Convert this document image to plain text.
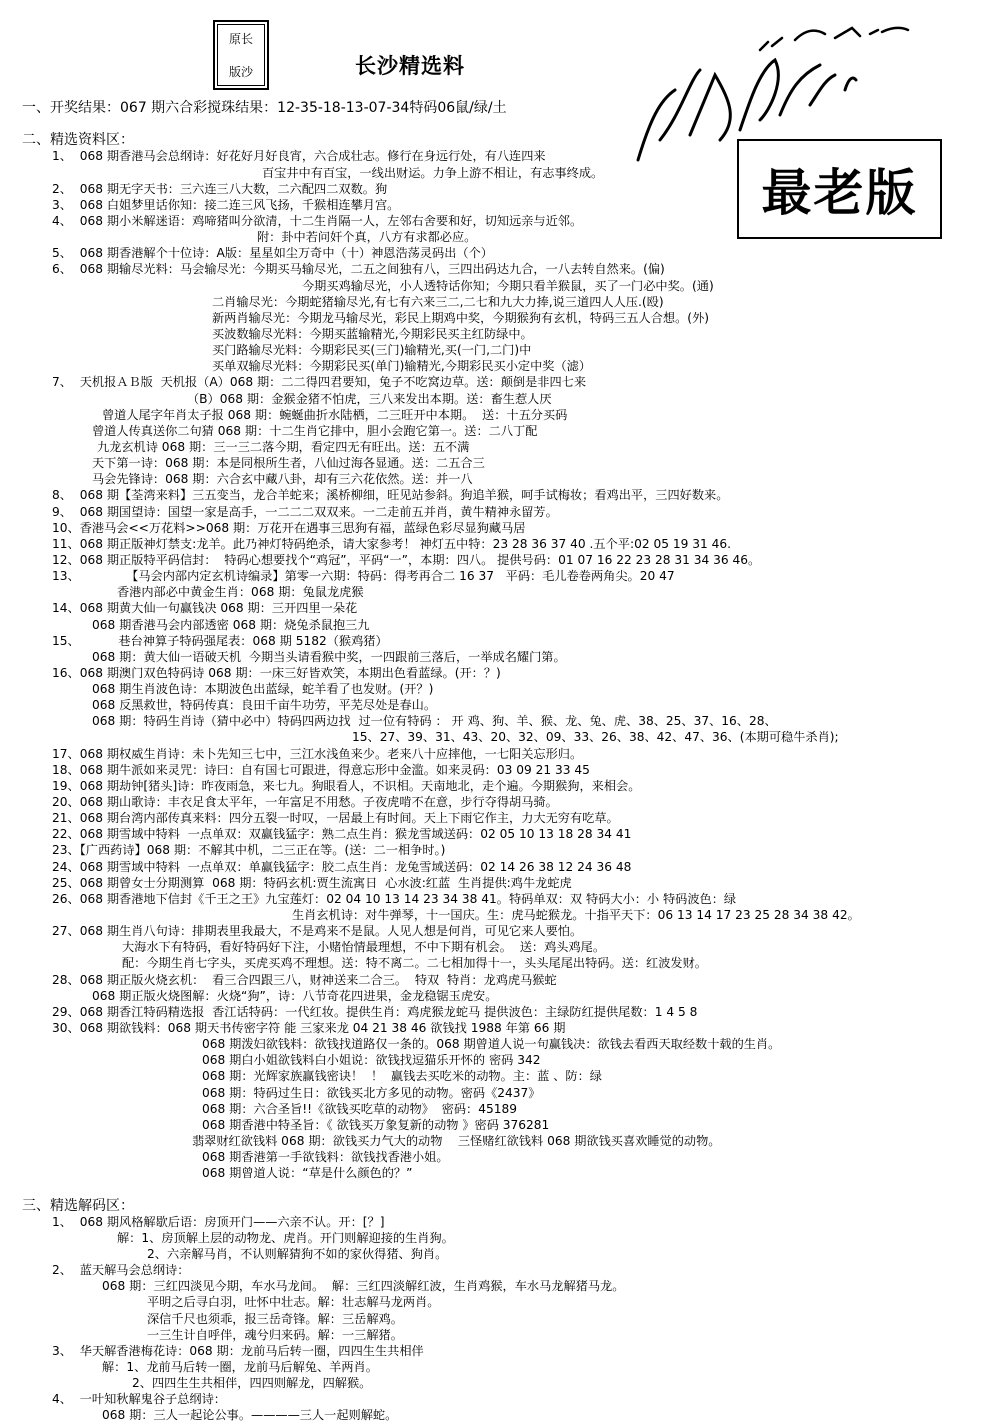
原长
版沙	长沙精选料
最老版
一、开奖结果：067 期六合彩搅珠结果：12-35-18-13-07-34特码06鼠/绿/土
二、精选资料区：
1、  068 期香港马会总纲诗：好花好月好良宵，六合成壮志。修行在身远行处，有八连四来
百宝井中有百宝，一线出财运。力争上游不相让，有志事终成。
2、  068 期无字天书：三六连三八大数，二六配四二双数。狗
3、  068 白姐梦里话你知：接二连三风飞扬，千猴相连攀月宫。
4、  068 期小米解迷语：鸡啼猪叫分欲清，十二生肖隔一人，左邻右舍要和好，切知远亲与近邻。
附：卦中若问奸个真，八方有求都必应。
5、  068 期香港解个十位诗：A版：星星如尘万奇中（十）神恩浩荡灵码出（个）
6、  068 期输尽光料：马会输尽光：今期买马输尽光，二五之间独有八，三四出码达九合，一八去转自然来。(偏)
今期买鸡输尽光，小人透特话你知；今期只看羊猴鼠，买了一门必中奖。(通)
二肖输尽光：今期蛇猪输尽光,有七有六来三二,二七和九大力捧,说三道四人人压.(殴)
新两肖输尽光：今期龙马输尽光，彩民上期鸡中奖，今期猴狗有玄机，特码三五人合想。(外)
买波数输尽光料：今期买蓝输精光,今期彩民买主红防绿中。
买门路输尽光料：今期彩民买(三门)输精光,买(一门,二门)中
买单双输尽光料：今期彩民买(单门)输精光,今期彩民买小定中奖（滤）
7、  天机报ＡＢ版  天机报（A）068 期：二二得四君要知，兔子不吃窝边草。送：颠倒是非四七来
（B）068 期：金猴金猪不怕虎，三八来发出本期。送：畜生惹人厌
曾道人尾字年肖太子报 068 期：蜿蜒曲折水陆栖，二三旺开中本期。  送：十五分买码
曾道人传真送你二句猜 068 期：十二生肖它排中，胆小会跑它第一。送：二八丁配
九龙玄机诗 068 期：三一三二落今期，看定四无有旺出。送：五不满
天下第一诗：068 期：本是同根所生者，八仙过海各显通。送：二五合三
马会先锋诗：068 期：六合玄中藏八卦，却有三六花依然。送：并一八
8、  068 期【荃湾来料】三五变当，龙合羊蛇来；溪桥柳细，旺见站参斜。狗追羊猴，呵手试梅妆；看鸡出平，三四好数来。
9、  068 期国望诗：国望一家是高手，一二二二双双来。一二走前五并肖，黄牛精神永留芳。
10、香港马会<<万花料>>068 期：万花开在遇事三思狗有福，蓝绿色彩尽显狗藏马居
11、068 期正版神灯禁支:龙羊。此乃神灯特码绝杀，请大家参考！ 神灯五中特：23 28 36 37 40 .五个平:02 05 19 31 46.
12、068 期正版特平码信封：  特码心想要找个“鸡冠”，平码“一”，本期：四八。 提供号码：01 07 16 22 23 28 31 34 36 46。
13、            【马会内部内定玄机诗编录】第零一六期：特码：得考再合二 16 37   平码：毛儿卷卷两角尖。20 47
香港内部必中黄金生肖：068 期：兔鼠龙虎猴
14、068 期黄大仙一句赢钱决 068 期：三开四里一朵花
068 期香港马会内部透密 068 期：烧兔杀鼠抱三九
15、          巷台神算子特码强尾表：068 期 5182（猴鸡猪）
068 期：黄大仙一语破天机  今期当头请看猴中奖，一四跟前三落后，一举成名耀门第。
16、068 期澳门双色特码诗 068 期：一床三好皆欢笑，本期出色看蓝绿。(开：？)
068 期生肖波色诗：本期波色出蓝绿，蛇羊看了也发财。(开？)
068 反黑救世，特码传真：良田千亩牛功劳，平芜尽处是春山。
068 期：特码生肖诗（猜中必中）特码四两边找  过一位有特码 ： 开 鸡、狗、羊、猴、龙、兔、虎、38、25、37、16、28、
15、27、39、31、43、20、32、09、33、26、38、42、47、36、(本期可稳牛杀肖);
17、068 期权威生肖诗：未卜先知三七中，三江水浅鱼来少。老来八十应摔他，一七阳关忘形归。
18、068 期牛派如来灵咒：诗曰：自有国七可跟进，得意忘形中金滥。如来灵码：03 09 21 33 45
19、068 期劫钟[猪头]诗：昨夜雨急，来七九。狗眼看人，不识相。天南地北，走个遍。今期猴狗，来相会。
20、068 期山歌诗：丰衣足食太平年，一年富足不用愁。子夜虎啃不在意，步行夺得胡马骑。
21、068 期台湾内部传真来料：四分五裂一时叹，一居最上有时间。天上下雨它作主，力大无穷有吃草。
22、068 期雪域中特料  一点单双：双赢钱猛字：熟二点生肖：猴龙雪域送码：02 05 10 13 18 28 34 41
23、【广西药诗】068 期：不解其中机，二三正在等。(送：二一相争时。)
24、068 期雪域中特料  一点单双：单赢钱猛字：胶二点生肖：龙兔雪域送码：02 14 26 38 12 24 36 48
25、068 期曾女士分期测算  068 期：特码玄机:贾生流寓日  心水波:红蓝  生肖提供:鸡牛龙蛇虎
26、068 期香港地下信封《千王之王》九宝莲灯：02 04 10 13 14 23 34 38 41。特码单双：双 特码大小：小 特码波色：绿
生肖玄机诗：对牛弹琴，十一国庆。生：虎马蛇猴龙。十指平天下：06 13 14 17 23 25 28 34 38 42。
27、068 期生肖八句诗：排期表里我最大，不是鸡来不是鼠。人见人想是何肖，可见它来人要怕。
大海水下有特码，看好特码好下注，小赌怡情最理想，不中下期有机会。  送：鸡头鸡尾。
配：今期生肖七字头，买虎买鸡不理想。送：特不离二。二七相加得十一，头头尾尾出特码。送：红波发财。
28、068 期正版火烧玄机：  看三合四跟三八，财神送来二合三。  特双  特肖：龙鸡虎马猴蛇
068 期正版火烧图解：火烧“狗”，诗：八节奇花四进果，金龙稳锯玉虎安。
29、068 期香江特码精选报  香江话特码：一代红妆。提供生肖：鸡虎猴龙蛇马 提供波色：主绿防红提供尾数：1 4 5 8
30、068 期欲钱料：068 期天书传密字符 能 三家来龙 04 21 38 46 欲钱找 1988 年第 66 期
068 期泼妇欲钱料：欲钱找道路仅一条的。068 期曾道人说一句赢钱决：欲钱去看西天取经数十载的生肖。
068 期白小姐欲钱料白小姐说：欲钱找逗猫乐开怀的 密码 342
068 期：光辉家族赢钱密诀！  ！  赢钱去买吃米的动物。主：蓝 、防：绿
068 期：特码过生日：欲钱买北方多见的动物。密码《2437》
068 期：六合圣旨!!《欲钱买吃草的动物》  密码：45189
068 期香港中特圣旨：《 欲钱买万象复新的动物 》密码 376281
翡翠财红欲钱料 068 期：欲钱买力气大的动物    三怪赌红欲钱料 068 期欲钱买喜欢睡觉的动物。
068 期香港第一手欲钱料：欲钱找香港小姐。
068 期曾道人说：“草是什么颜色的？”
三、精选解码区：
1、  068 期风格解歇后语：房顶开门——六亲不认。开：[？]
解：1、房顶解上层的动物龙、虎肖。开门则解迎接的生肖狗。
2、六亲解马肖，不认则解猜狗不如的家伙得猪、狗肖。
2、  蓝天解马会总纲诗：
068 期：三红四淡见今期，车水马龙间。  解：三红四淡解红波，生肖鸡猴，车水马龙解猪马龙。
平明之后寻白羽，吐怀中壮志。解：壮志解马龙两肖。
深信千尺也须乖，报三岳奇锋。解：三岳解鸡。
一三生计自呼伴，魂兮归来码。解：一三解猪。
3、  华天解香港梅花诗：068 期：龙前马后转一圈，四四生生共相伴
解：1、龙前马后转一圈，龙前马后解兔、羊两肖。
2、四四生生共相伴，四四则解龙，四解猴。
4、  一叶知秋解鬼谷子总纲诗：
068 期：三人一起论公事。————三人一起则解蛇。
